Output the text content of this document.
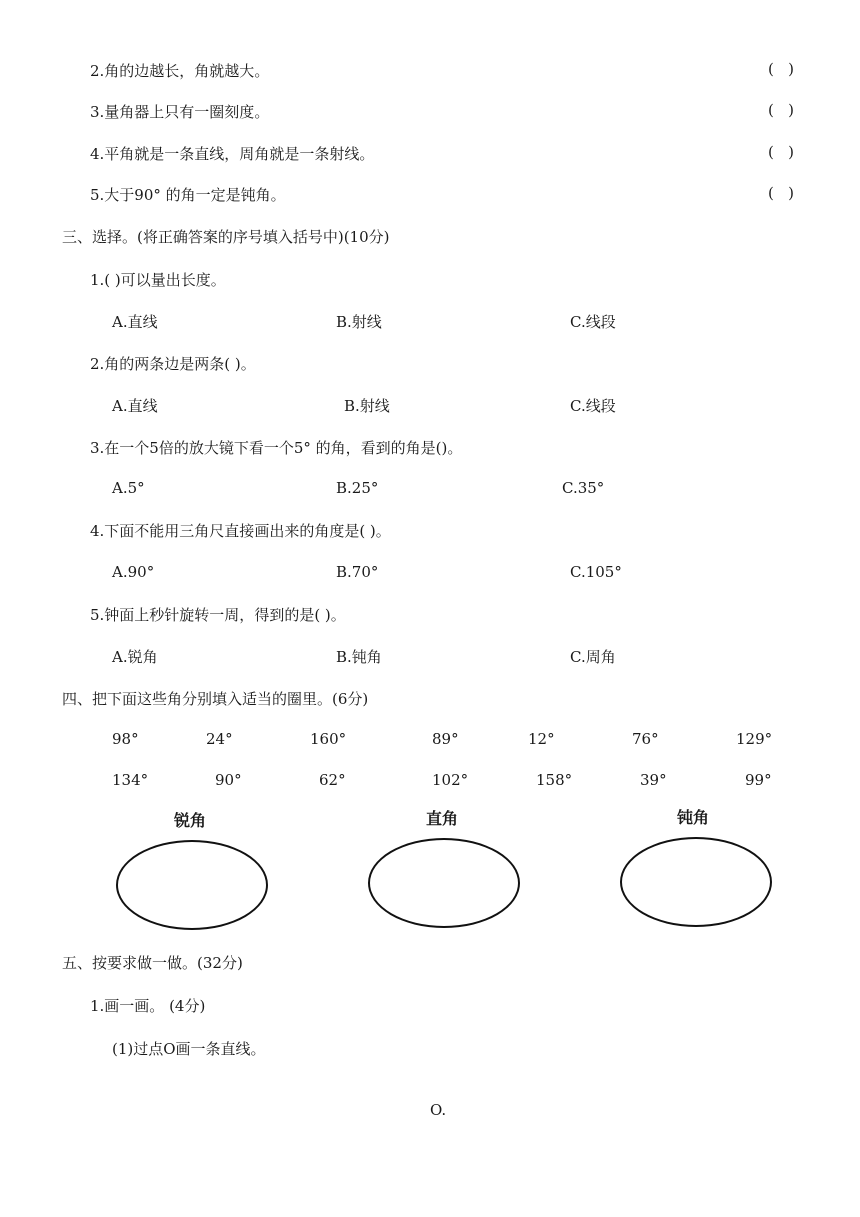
2.角的边越长，角就越大。	(   )
3.量角器上只有一圈刻度。	(   )
4.平角就是一条直线，周角就是一条射线。	(   )
5.大于90° 的角一定是钝角。	(   )
三、选择。(将正确答案的序号填入括号中)(10分)
1.( )可以量出长度。
A.直线	B.射线	C.线段
2.角的两条边是两条( )。
A.直线	B.射线	C.线段
3.在一个5倍的放大镜下看一个5° 的角，看到的角是()。
A.5°	B.25°	C.35°
4.下面不能用三角尺直接画出来的角度是( )。
A.90°	B.70°	C.105°
5.钟面上秒针旋转一周，得到的是( )。
A.锐角	B.钝角	C.周角
四、把下面这些角分别填入适当的圈里。(6分)
98°	24°	160°	89°	12°	76°	129°
134°	90°	62°	102°	158°	39°	99°
锐角	直角	钝角
五、按要求做一做。(32分)
1.画一画。 (4分)
(1)过点O画一条直线。
O.
